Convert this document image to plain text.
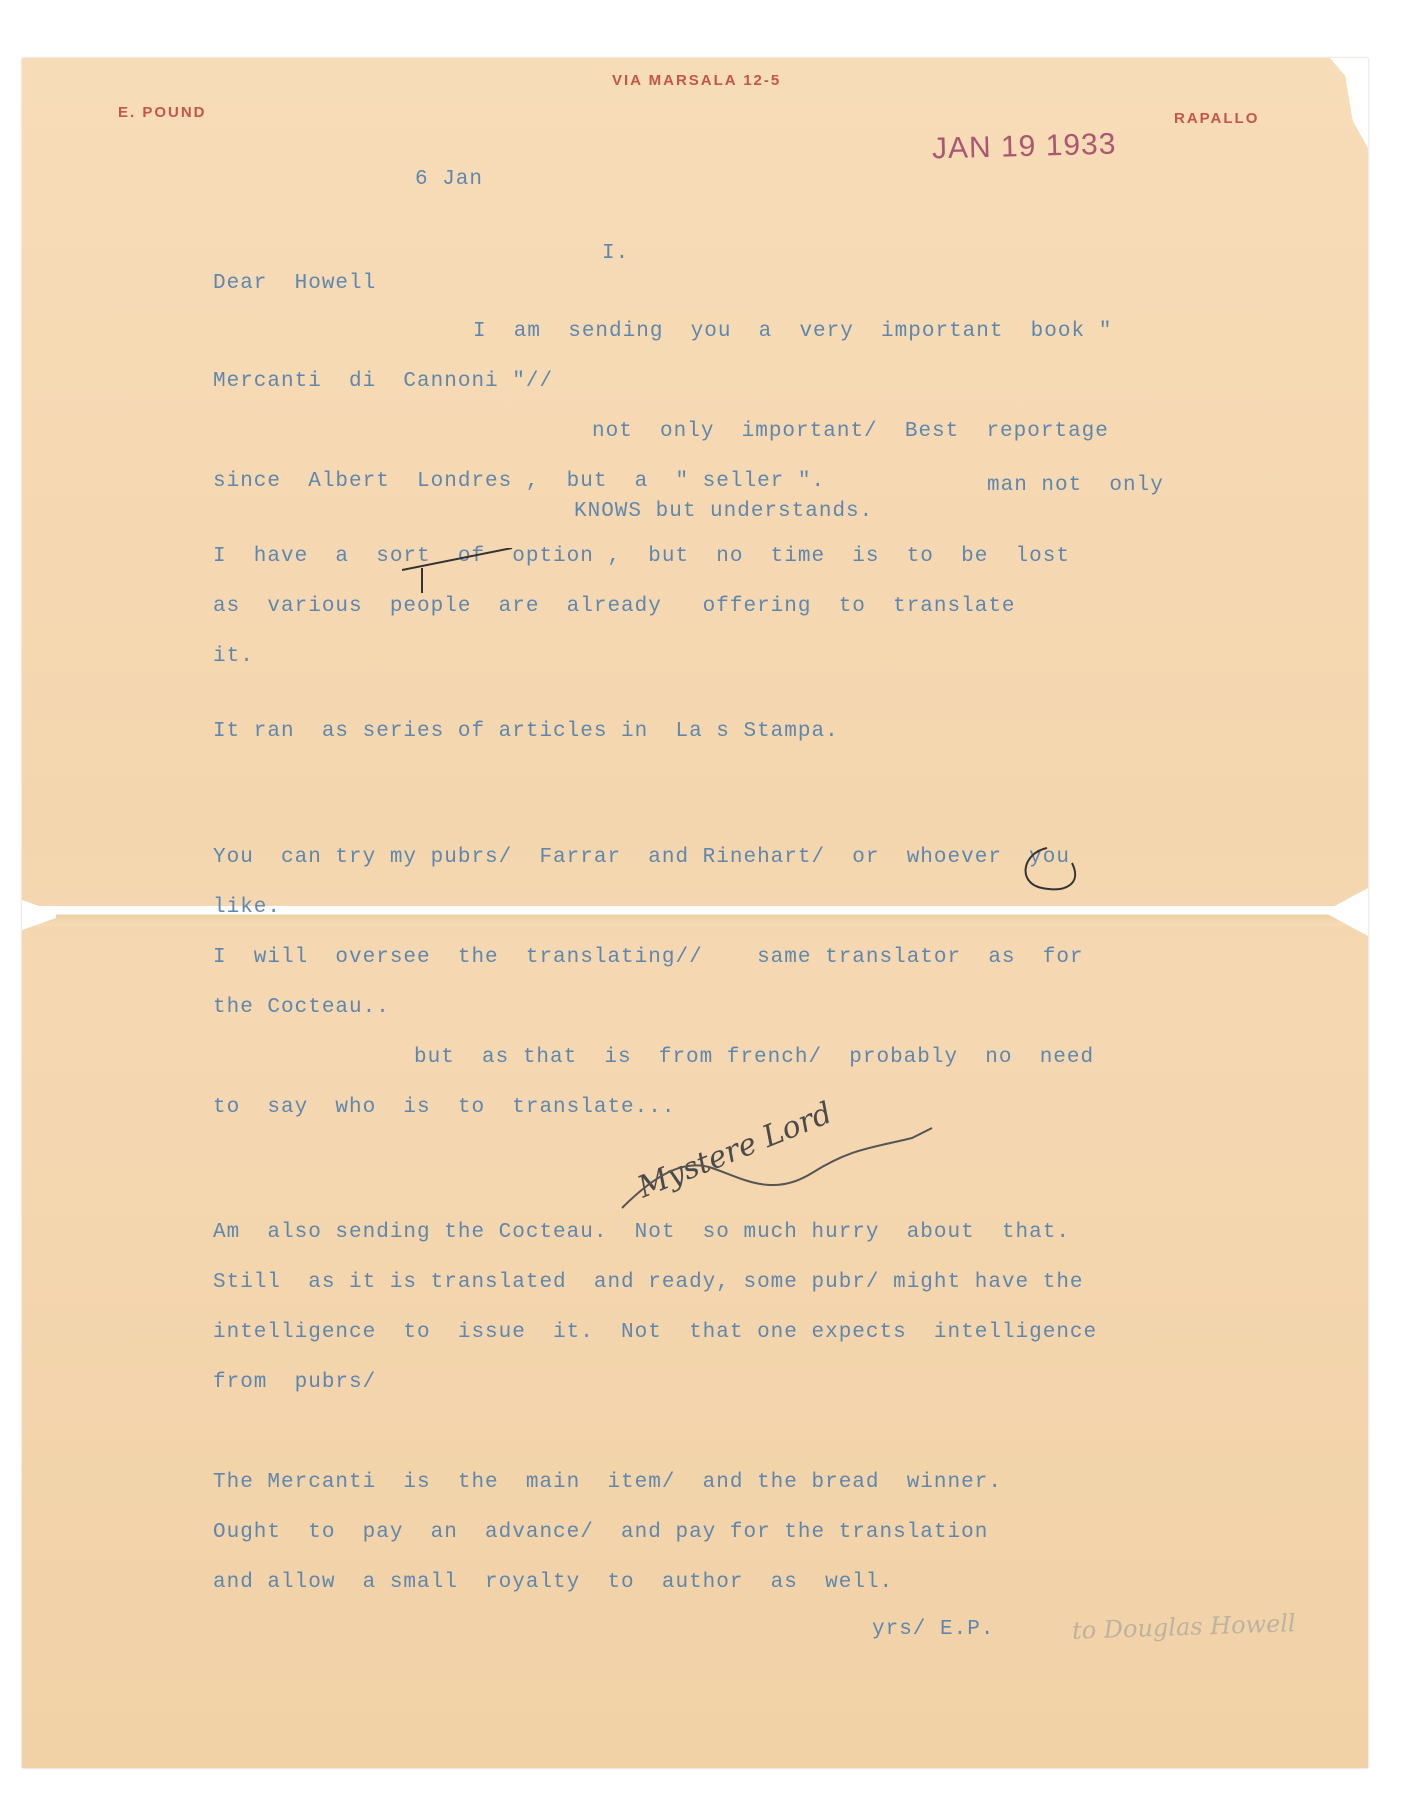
VIA MARSALA 12-5
E. POUND	RAPALLO
JAN 19 1933
6 Jan
I.
Dear  Howell
I  am  sending  you  a  very  important  book "
Mercanti  di  Cannoni "//
not  only  important/  Best  reportage
since  Albert  Londres ,  but  a  " seller ".	man not  only
KNOWS but understands.
I  have  a  sort  of  option ,  but  no  time  is  to  be  lost
as  various  people  are  already   offering  to  translate
it.
It ran  as series of articles in  La s Stampa.
You  can try my pubrs/  Farrar  and Rinehart/  or  whoever  you
like.
I  will  oversee  the  translating//    same translator  as  for
the Cocteau..
but  as that  is  from french/  probably  no  need
to  say  who  is  to  translate...
Mystere Lord
Am  also sending the Cocteau.  Not  so much hurry  about  that.
Still  as it is translated  and ready, some pubr/ might have the
intelligence  to  issue  it.  Not  that one expects  intelligence
from  pubrs/
The Mercanti  is  the  main  item/  and the bread  winner.
Ought  to  pay  an  advance/  and pay for the translation
and allow  a small  royalty  to  author  as  well.
yrs/ E.P.	to Douglas Howell
